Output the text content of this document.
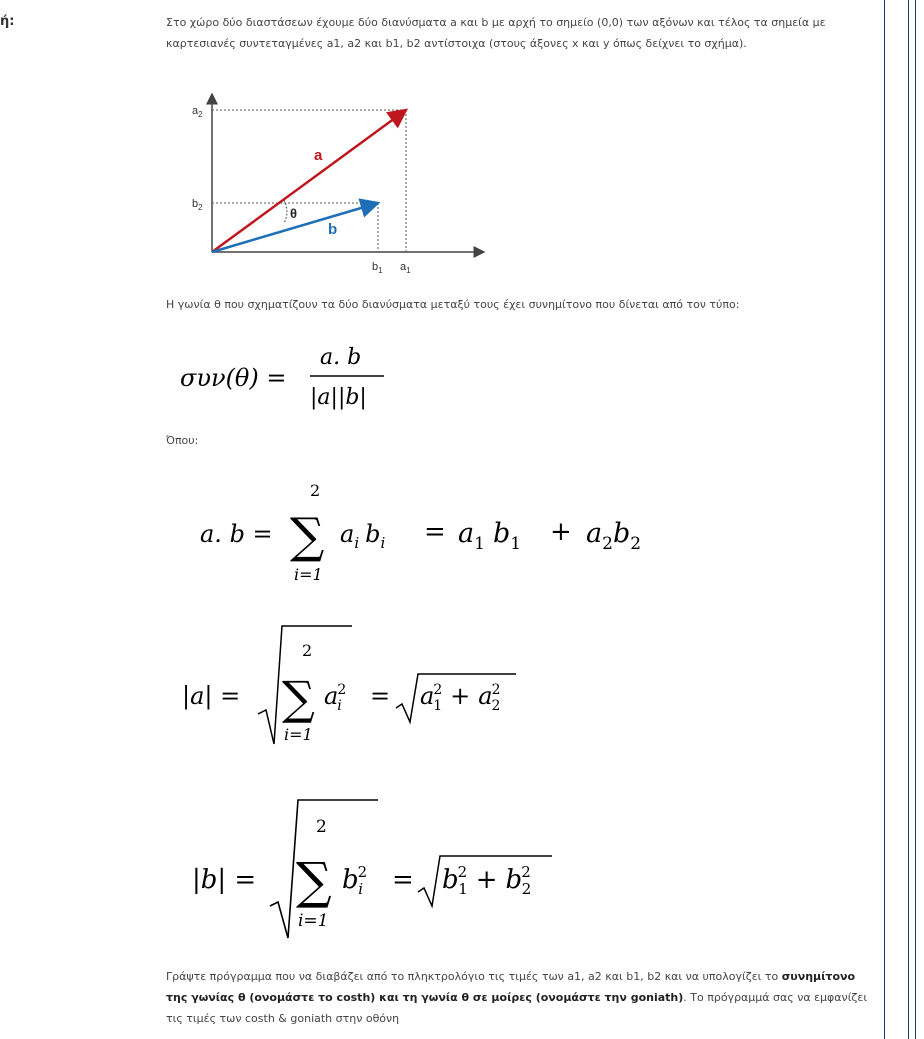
ή:	Στο χώρο δύο διαστάσεων έχουμε δύο διανύσματα a και b με αρχή το σημείο (0,0) των αξόνων και τέλος τα σημεία με καρτεσιανές συντεταγμένες a1, a2 και b1, b2 αντίστοιχα (στους άξονες x και y όπως δείχνει το σχήμα).
$a_2$
$b_2$
$b_1$ $a_1$
a
b
θ
Η γωνία θ που σχηματίζουν τα δύο διανύσματα μεταξύ τους έχει συνημίτονο που δίνεται από τον τύπο:
συν(θ) =
a. b
|a||b|
Όπου:
a. b =
2
∑
i=1
$a_i$ $b_i = a_1$ $b_1 + a_2b_2$
|a| =
2
∑
i=1
a2 i = a2 1 + a2 2
|b| =
2
∑
i=1
b2 i = b2 1 + b2 2
Γράψτε πρόγραμμα που να διαβάζει από το πληκτρολόγιο τις τιμές των a1, a2 και b1, b2 και να υπολογίζει το συνημίτονο της γωνίας θ (ονομάστε το costh) και τη γωνία θ σε μοίρες (ονομάστε την goniath). Το πρόγραμμά σας να εμφανίζει τις τιμές των costh & goniath στην οθόνη
